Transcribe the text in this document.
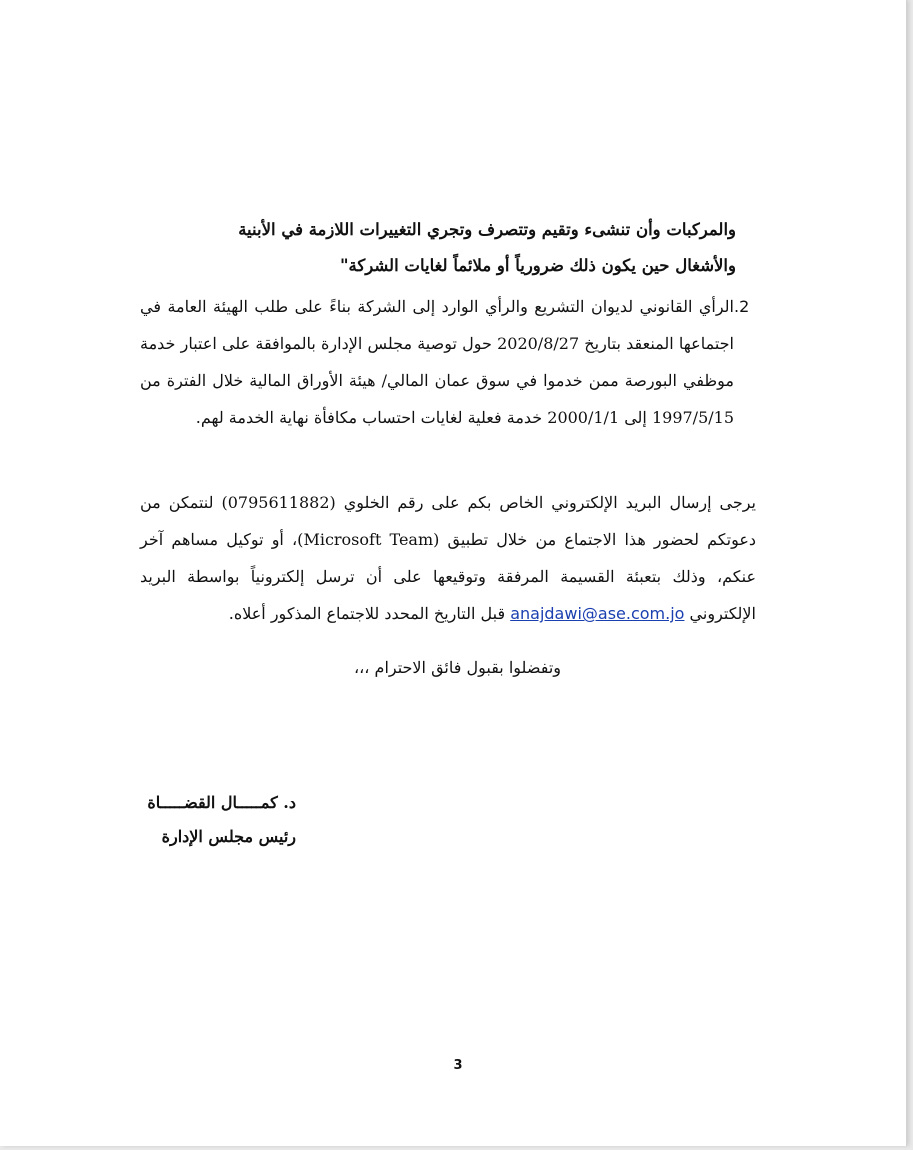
والمركبات وأن تنشىء وتقيم وتتصرف وتجري التغييرات اللازمة في الأبنية
والأشغال حين يكون ذلك ضرورياً أو ملائماً لغايات الشركة"
2.
الرأي القانوني لديوان التشريع والرأي الوارد إلى الشركة بناءً على طلب الهيئة العامة في اجتماعها المنعقد بتاريخ 2020/8/27 حول توصية مجلس الإدارة بالموافقة على اعتبار خدمة موظفي البورصة ممن خدموا في سوق عمان المالي/ هيئة الأوراق المالية خلال الفترة من 1997/5/15 إلى 2000/1/1 خدمة فعلية لغايات احتساب مكافأة نهاية الخدمة لهم.
يرجى إرسال البريد الإلكتروني الخاص بكم على رقم الخلوي (0795611882) لنتمكن من دعوتكم لحضور هذا الاجتماع من خلال تطبيق (Microsoft Team)، أو توكيل مساهم آخر عنكم، وذلك بتعبئة القسيمة المرفقة وتوقيعها على أن ترسل إلكترونياً بواسطة البريد الإلكتروني anajdawi@ase.com.jo قبل التاريخ المحدد للاجتماع المذكور أعلاه.
وتفضلوا بقبول فائق الاحترام ،،،
د. كمـــــال القضـــــاة
رئيس مجلس الإدارة
3
